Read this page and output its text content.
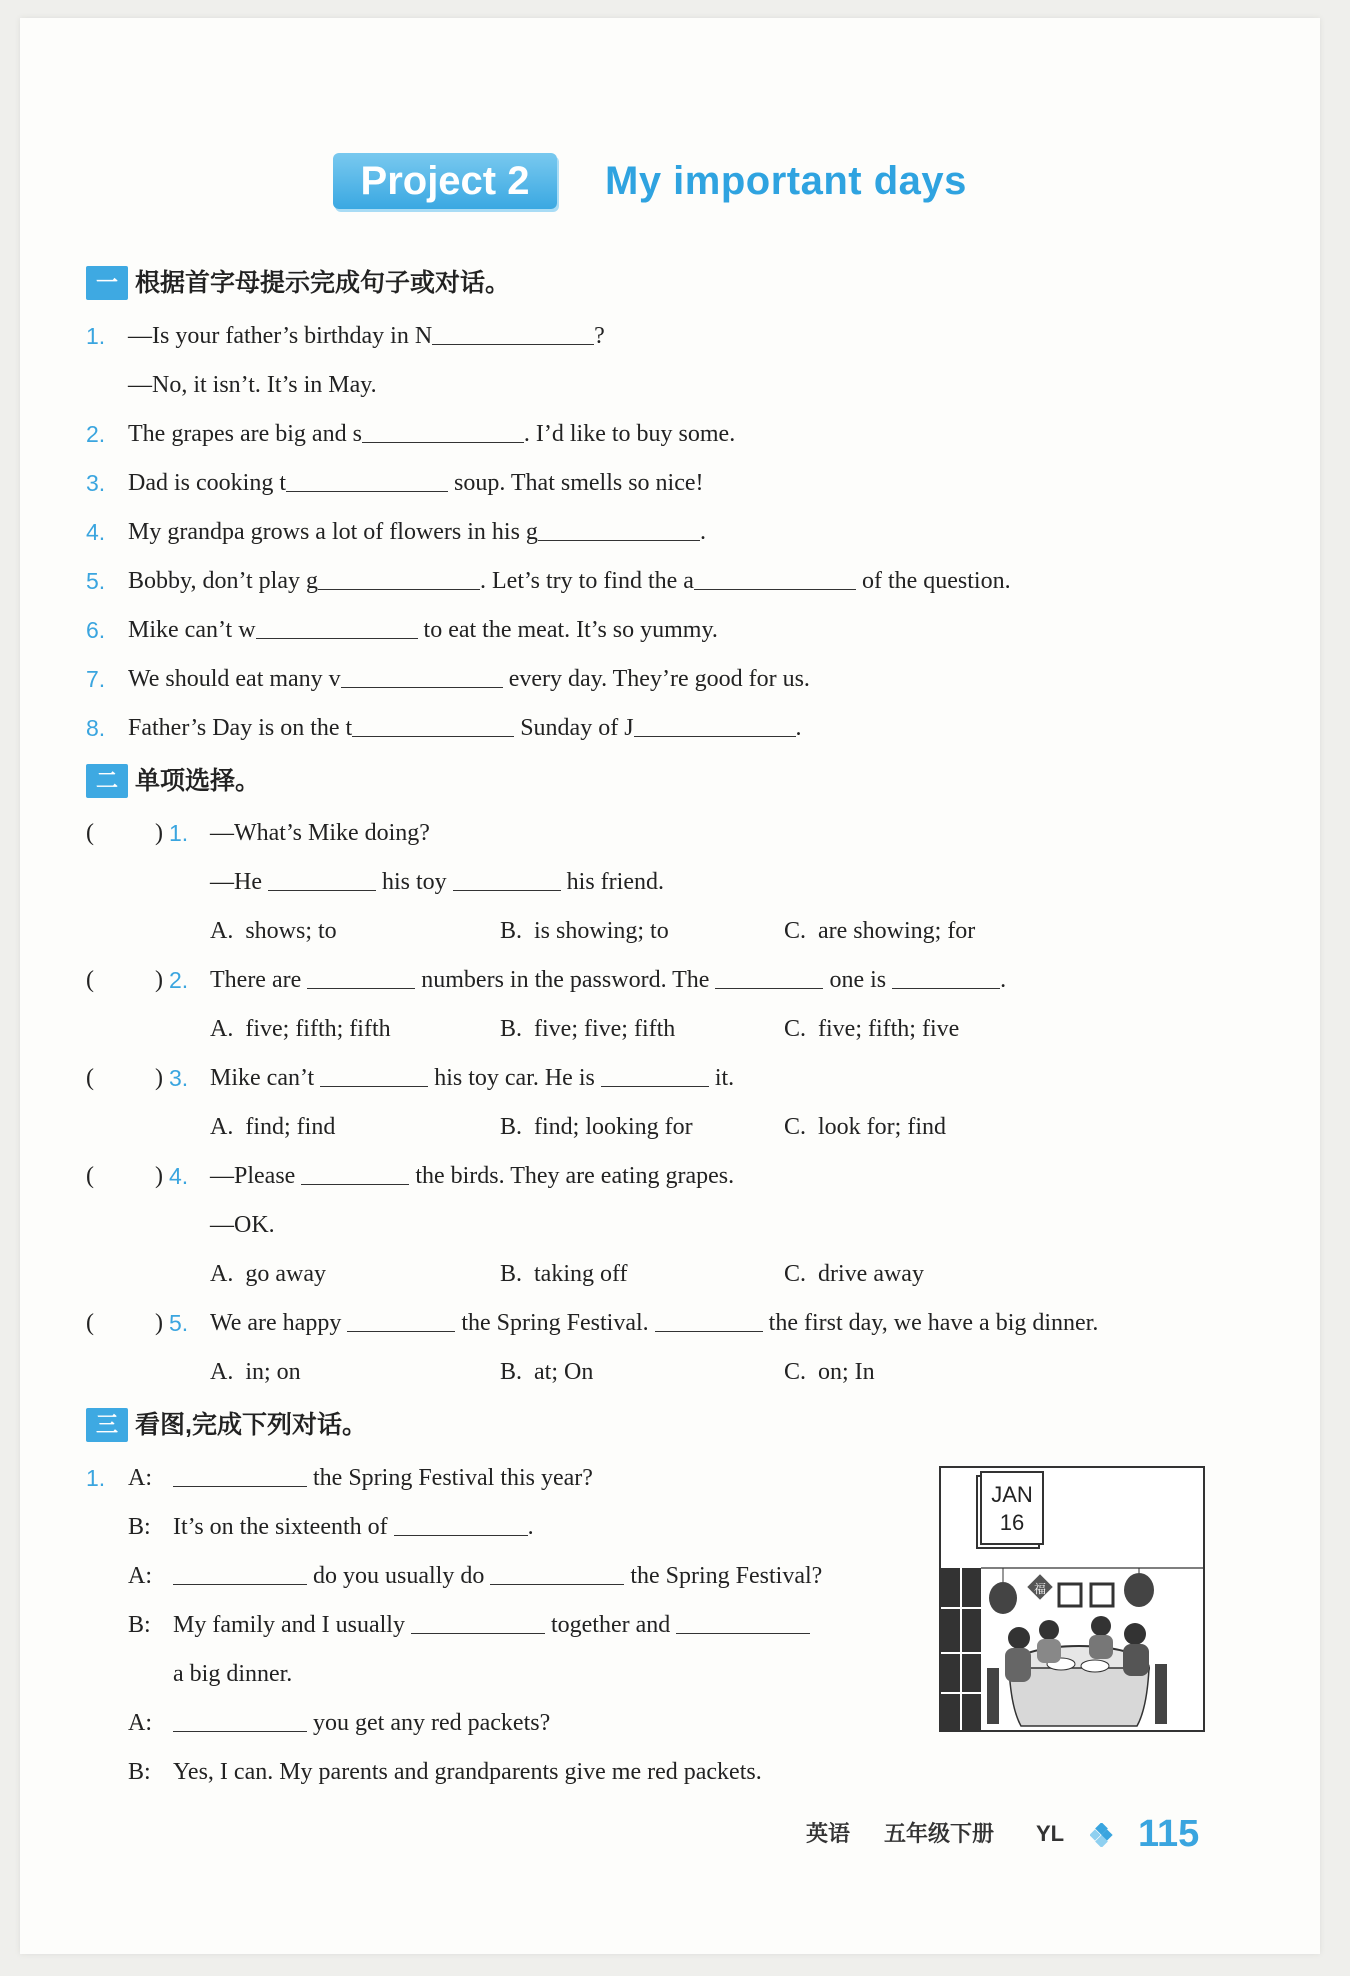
Project 2	My important days
一 根据首字母提示完成句子或对话。
1. —Is your father’s birthday in N	?
—No, it isn’t. It’s in May.
2. The grapes are big and s	. I’d like to buy some.
3. Dad is cooking t	soup. That smells so nice!
4. My grandpa grows a lot of flowers in his g	.
5. Bobby, don’t play g	. Let’s try to find the a	of the question.
6. Mike can’t w	to eat the meat. It’s so yummy.
7. We should eat many v	every day. They’re good for us.
8. Father’s Day is on the t	Sunday of J	.
二 单项选择。
(	) 1. —What’s Mike doing?
—He	his toy	his friend.
A.  shows; to	B.  is showing; to	C.  are showing; for
(	) 2. There are	numbers in the password. The	one is	.
A.  five; fifth; fifth	B.  five; five; fifth	C.  five; fifth; five
(	) 3. Mike can’t	his toy car. He is	it.
A.  find; find	B.  find; looking for	C.  look for; find
(	) 4. —Please	the birds. They are eating grapes.
—OK.
A.  go away	B.  taking off	C.  drive away
(	) 5. We are happy	the Spring Festival.	the first day, we have a big dinner.
A.  in; on	B.  at; On	C.  on; In
三 看图,完成下列对话。
1. A:	the Spring Festival this year?
B: It’s on the sixteenth of	.
A:	do you usually do	the Spring Festival?
B: My family and I usually	together and
a big dinner.
A:	you get any red packets?
B: Yes, I can. My parents and grandparents give me red packets.
JAN
16
福
英语 五年级下册 YL 115
